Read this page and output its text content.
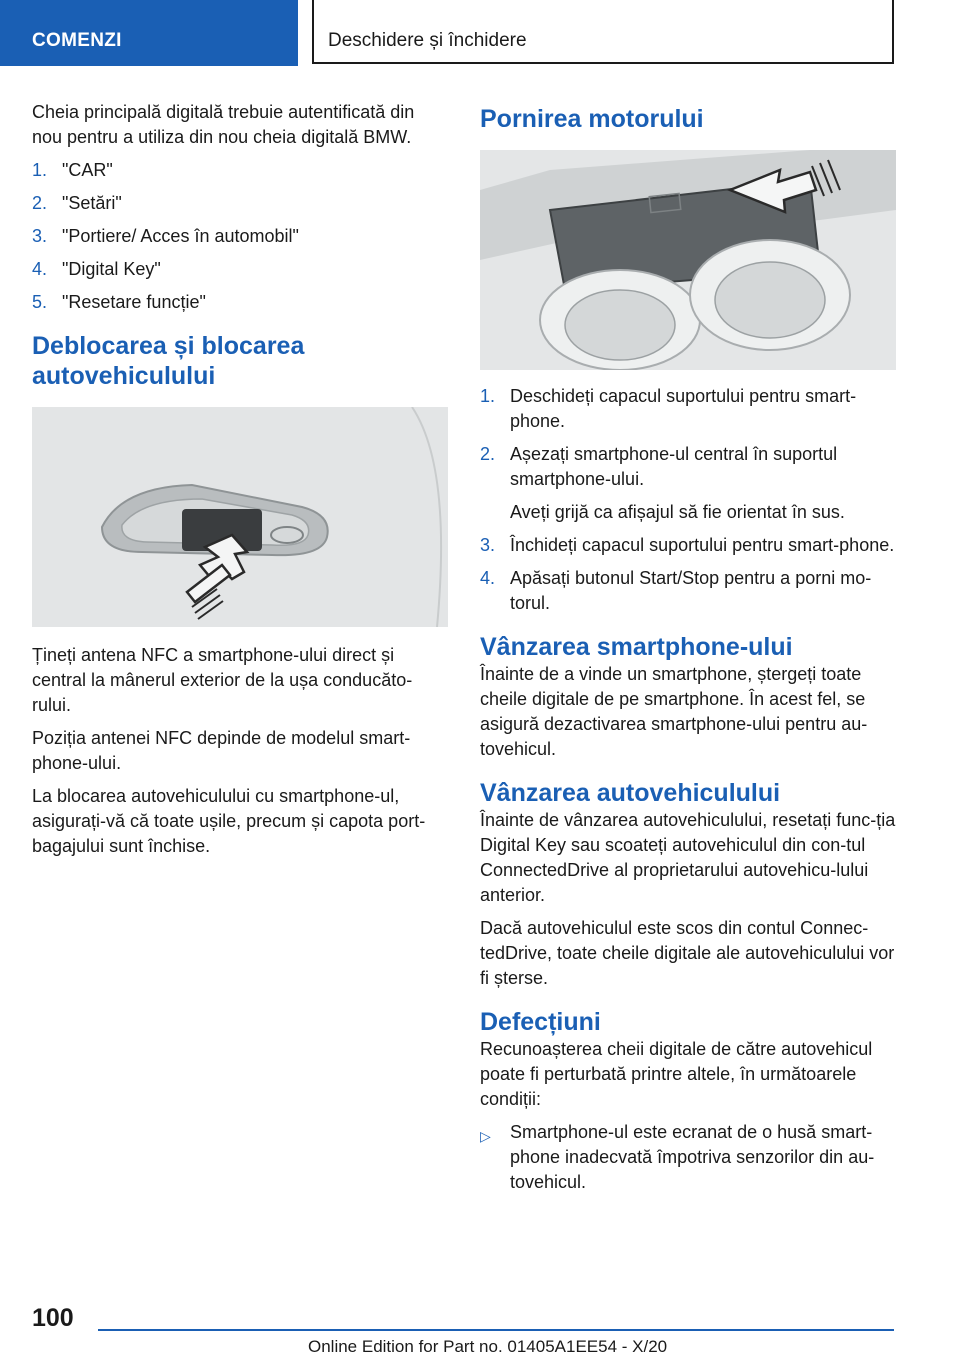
COMENZI	Deschidere și închidere

Cheia principală digitală trebuie autentificată din nou pentru a utiliza din nou cheia digitală BMW.

1. "CAR"
2. "Setări"
3. "Portiere/ Acces în automobil"
4. "Digital Key"
5. "Resetare funcție"
Deblocarea și blocarea autovehiculului

Țineți antena NFC a smartphone-ului direct și central la mânerul exterior de la ușa conducăto-rului.

Poziția antenei NFC depinde de modelul smart-phone-ului.

La blocarea autovehiculului cu smartphone-ul, asigurați-vă că toate ușile, precum și capota port-bagajului sunt închise.

Pornirea motorului
1. Deschideți capacul suportului pentru smart-phone.
2. Așezați smartphone-ul central în suportul smartphone-ului.

Aveți grijă ca afișajul să fie orientat în sus.

3. Închideți capacul suportului pentru smart-phone.
4. Apăsați butonul Start/Stop pentru a porni mo-torul.
Vânzarea smartphone-ului

Înainte de a vinde un smartphone, ștergeți toate cheile digitale de pe smartphone. În acest fel, se asigură dezactivarea smartphone-ului pentru au-tovehicul.

Vânzarea autovehiculului

Înainte de vânzarea autovehiculului, resetați func-ția Digital Key sau scoateți autovehiculul din con-tul ConnectedDrive al proprietarului autovehicu-lului anterior.

Dacă autovehiculul este scos din contul Connec-tedDrive, toate cheile digitale ale autovehiculului vor fi șterse.

Defecțiuni

Recunoașterea cheii digitale de către autovehicul poate fi perturbată printre altele, în următoarele condiții:

▷ Smartphone-ul este ecranat de o husă smart-phone inadecvată împotriva senzorilor din au-tovehicul.
100
Online Edition for Part no. 01405A1EE54 - X/20
